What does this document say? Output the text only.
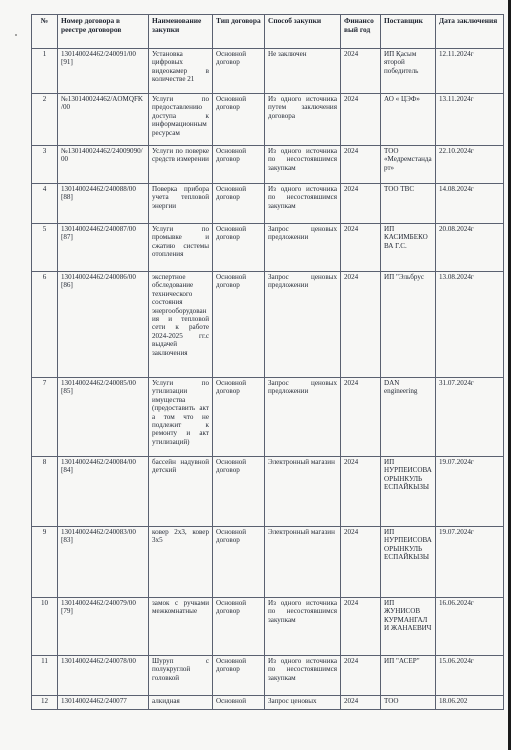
№	Номер договора в реестре договоров	Наименование закупки	Тип договора	Способ закупки	Финансовый год	Поставщик	Дата заключения
1	130140024462/240091/00 [91]	Установка цифровых видеокамер в количестве 21	Основной договор	Не заключен	2024	ИП Қасым ятoрой победитель	12.11.2024г
2	№130140024462/AOMQFK/00	Услуги по предоставлению доступа к информационным ресурсам	Основной договор	Из одного источника путем заключения договора	2024	АО « ЦЭФ»	13.11.2024г
3	№130140024462/24009090/00	Услуги по поверке средств измерении	Основной договор	Из одного источника по несостоявшимся закупкам	2024	ТОО «Медремстандарт»	22.10.2024г
4	130140024462/240088/00 [88]	Поверка прибора учета тепловой энергии	Основной договор	Из одного источника по несостоявшимся закупкам	2024	ТОО ТВС	14.08.2024г
5	130140024462/240087/00 [87]	Услуги по промывке и сжатию системы отопления	Основной договор	Запрос ценовых предложении	2024	ИП КАСИМБЕКОВА Г.С.	20.08.2024г
6	130140024462/240086/00 [86]	экспертное обследование технического состояния энергооборудования и тепловой сети к работе 2024-2025 гг.с выдачей заключения	Основной договор	Запрос ценовых предложении	2024	ИП "Эльбрус	13.08.2024г
7	130140024462/240085/00 [85]	Услуги по утилизации имущества (предоставить акт а том что не подлежит к ремонту и акт утилизаций)	Основной договор	Запрос ценовых предложении	2024	DAN engineering	31.07.2024г
8	130140024462/240084/00 [84]	бассейн надувной детский	Основной договор	Электронный магазин	2024	ИП НУРПЕИСОВА ОРЫНКУЛЬ ЕСПАЙКЫЗЫ	19.07.2024г
9	130140024462/240083/00 [83]	ковер 2х3, ковер 3х5	Основной договор	Электронный магазин	2024	ИП НУРПЕИСОВА ОРЫНКУЛЬ ЕСПАЙКЫЗЫ	19.07.2024г
10	130140024462/240079/00 [79]	замок с ручками межкомнатные	Основной договор	Из одного источника по несостоявшимся закупкам	2024	ИП ЖУНИСОВ КУРМАНГАЛИ ЖАНАЕВИЧ	16.06.2024г
11	130140024462/240078/00	Шуруп с полукруглой головкой	Основной договор	Из одного источника по несостоявшимся закупкам	2024	ИП "АСЕР"	15.06.2024г
12	130140024462/240077	алкидная	Основной	Запрос ценовых	2024	ТОО	18.06.202
